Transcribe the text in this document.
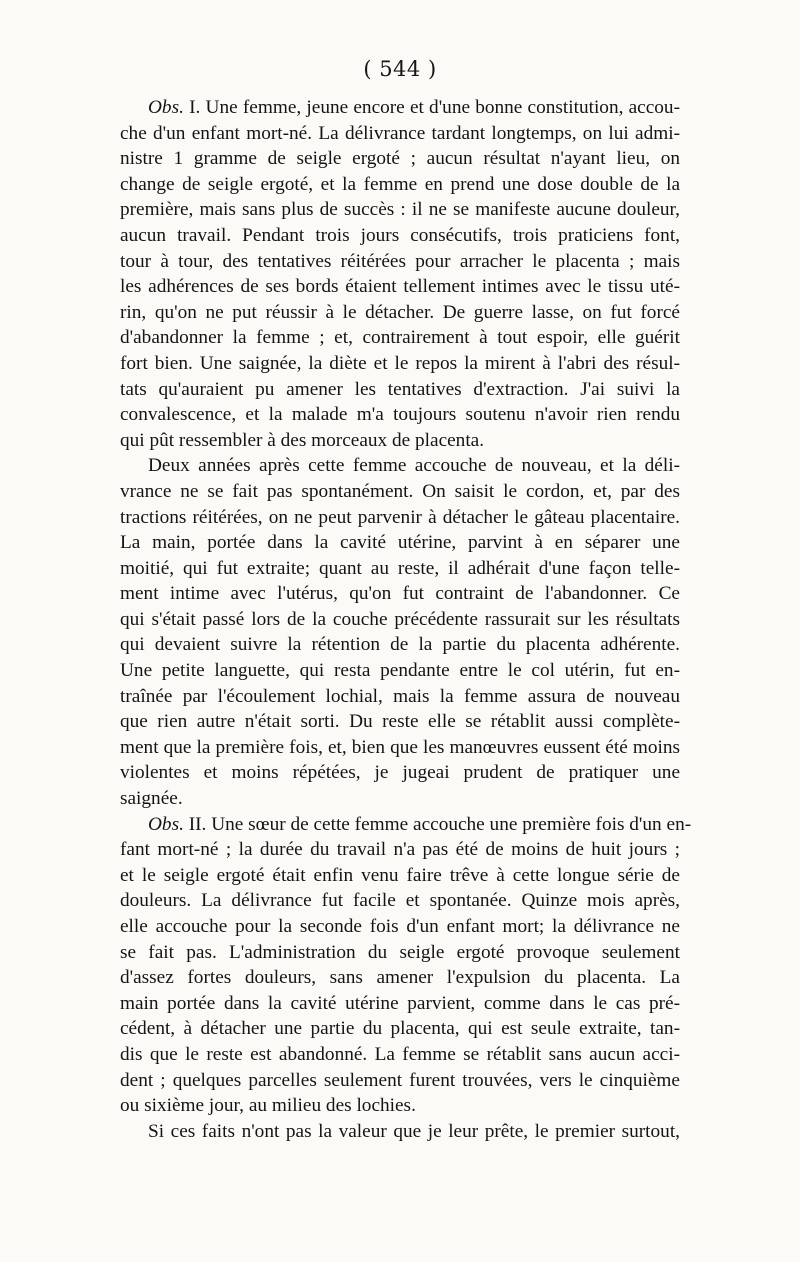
( 544 )

Obs. I. Une femme, jeune encore et d'une bonne constitution, accou-
che d'un enfant mort-né. La délivrance tardant longtemps, on lui admi-
nistre 1 gramme de seigle ergoté ; aucun résultat n'ayant lieu, on
change de seigle ergoté, et la femme en prend une dose double de la
première, mais sans plus de succès : il ne se manifeste aucune douleur,
aucun travail. Pendant trois jours consécutifs, trois praticiens font,
tour à tour, des tentatives réitérées pour arracher le placenta ; mais
les adhérences de ses bords étaient tellement intimes avec le tissu uté-
rin, qu'on ne put réussir à le détacher. De guerre lasse, on fut forcé
d'abandonner la femme ; et, contrairement à tout espoir, elle guérit
fort bien. Une saignée, la diète et le repos la mirent à l'abri des résul-
tats qu'auraient pu amener les tentatives d'extraction. J'ai suivi la
convalescence, et la malade m'a toujours soutenu n'avoir rien rendu
qui pût ressembler à des morceaux de placenta.

Deux années après cette femme accouche de nouveau, et la déli-
vrance ne se fait pas spontanément. On saisit le cordon, et, par des
tractions réitérées, on ne peut parvenir à détacher le gâteau placentaire.
La main, portée dans la cavité utérine, parvint à en séparer une
moitié, qui fut extraite; quant au reste, il adhérait d'une façon telle-
ment intime avec l'utérus, qu'on fut contraint de l'abandonner. Ce
qui s'était passé lors de la couche précédente rassurait sur les résultats
qui devaient suivre la rétention de la partie du placenta adhérente.
Une petite languette, qui resta pendante entre le col utérin, fut en-
traînée par l'écoulement lochial, mais la femme assura de nouveau
que rien autre n'était sorti. Du reste elle se rétablit aussi complète-
ment que la première fois, et, bien que les manœuvres eussent été moins
violentes et moins répétées, je jugeai prudent de pratiquer une
saignée.

Obs. II. Une sœur de cette femme accouche une première fois d'un en-
fant mort-né ; la durée du travail n'a pas été de moins de huit jours ;
et le seigle ergoté était enfin venu faire trêve à cette longue série de
douleurs. La délivrance fut facile et spontanée. Quinze mois après,
elle accouche pour la seconde fois d'un enfant mort; la délivrance ne
se fait pas. L'administration du seigle ergoté provoque seulement
d'assez fortes douleurs, sans amener l'expulsion du placenta. La
main portée dans la cavité utérine parvient, comme dans le cas pré-
cédent, à détacher une partie du placenta, qui est seule extraite, tan-
dis que le reste est abandonné. La femme se rétablit sans aucun acci-
dent ; quelques parcelles seulement furent trouvées, vers le cinquième
ou sixième jour, au milieu des lochies.

Si ces faits n'ont pas la valeur que je leur prête, le premier surtout,
